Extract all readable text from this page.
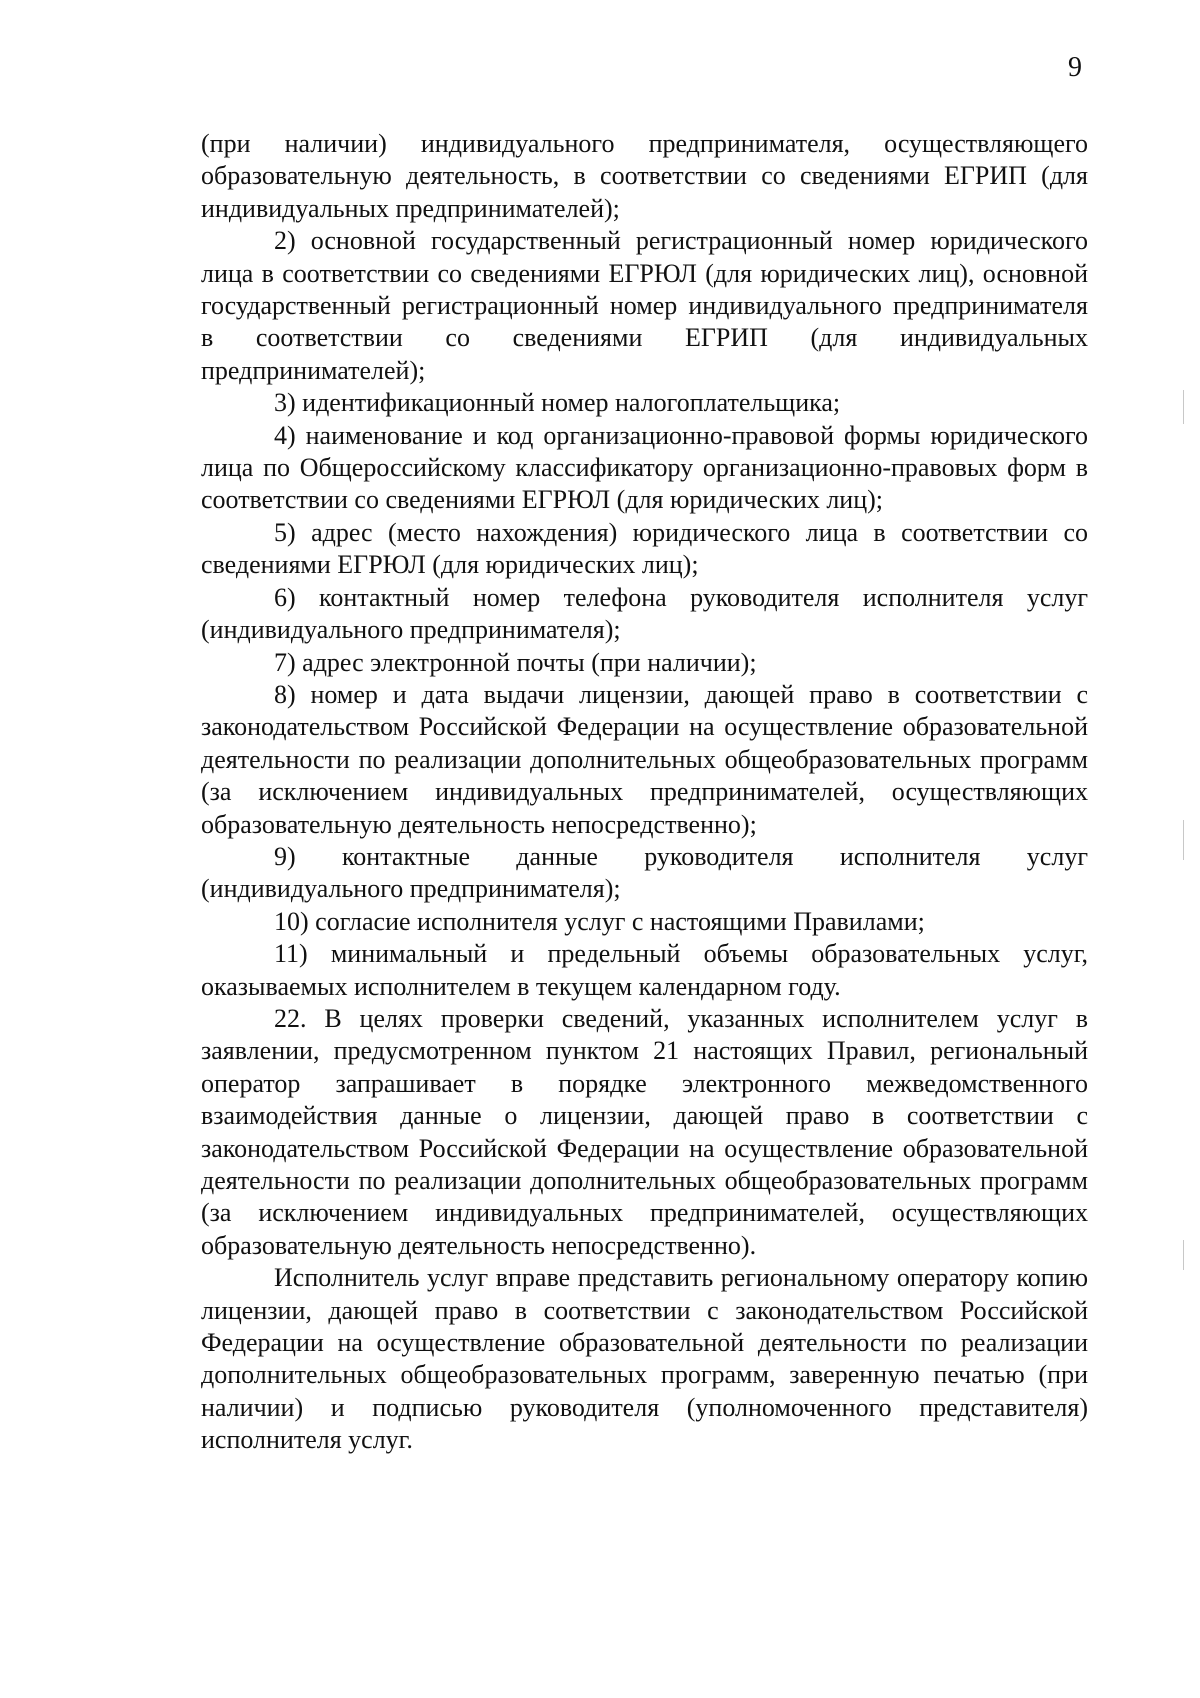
9

(при наличии) индивидуального предпринимателя, осуществляющего образовательную деятельность, в соответствии со сведениями ЕГРИП (для индивидуальных предпринимателей);

2) основной государственный регистрационный номер юридического лица в соответствии со сведениями ЕГРЮЛ (для юридических лиц), основной государственный регистрационный номер индивидуального предпринимателя в соответствии со сведениями ЕГРИП (для индивидуальных предпринимателей);

3) идентификационный номер налогоплательщика;

4) наименование и код организационно-правовой формы юридического лица по Общероссийскому классификатору организационно-правовых форм в соответствии со сведениями ЕГРЮЛ (для юридических лиц);

5) адрес (место нахождения) юридического лица в соответствии со сведениями ЕГРЮЛ (для юридических лиц);

6) контактный номер телефона руководителя исполнителя услуг (индивидуального предпринимателя);

7) адрес электронной почты (при наличии);

8) номер и дата выдачи лицензии, дающей право в соответствии с законодательством Российской Федерации на осуществление образовательной деятельности по реализации дополнительных общеобразовательных программ (за исключением индивидуальных предпринимателей, осуществляющих образовательную деятельность непосредственно);

9) контактные данные руководителя исполнителя услуг (индивидуального предпринимателя);

10) согласие исполнителя услуг с настоящими Правилами;

11) минимальный и предельный объемы образовательных услуг, оказываемых исполнителем в текущем календарном году.

22. В целях проверки сведений, указанных исполнителем услуг в заявлении, предусмотренном пунктом 21 настоящих Правил, региональный оператор запрашивает в порядке электронного межведомственного взаимодействия данные о лицензии, дающей право в соответствии с законодательством Российской Федерации на осуществление образовательной деятельности по реализации дополнительных общеобразовательных программ (за исключением индивидуальных предпринимателей, осуществляющих образовательную деятельность непосредственно).

Исполнитель услуг вправе представить региональному оператору копию лицензии, дающей право в соответствии с законодательством Российской Федерации на осуществление образовательной деятельности по реализации дополнительных общеобразовательных программ, заверенную печатью (при наличии) и подписью руководителя (уполномоченного представителя) исполнителя услуг.
